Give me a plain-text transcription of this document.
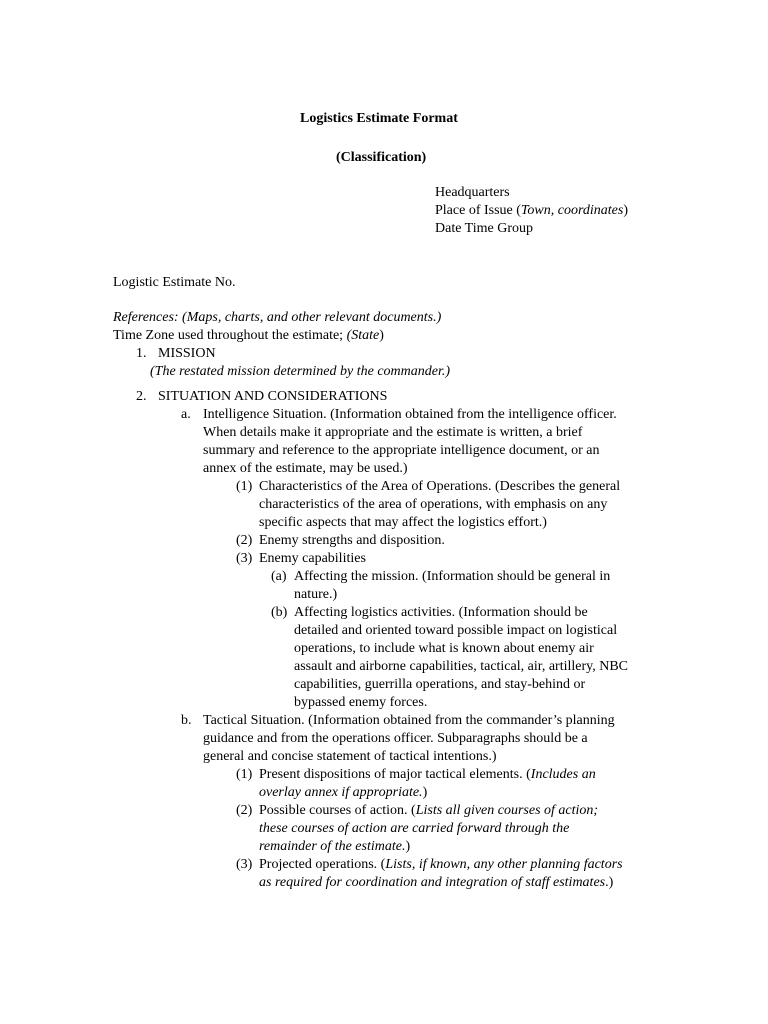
Logistics Estimate Format
(Classification)
Headquarters
Place of Issue (Town, coordinates)
Date Time Group
Logistic Estimate No.
References: (Maps, charts, and other relevant documents.)
Time Zone used throughout the estimate; (State)
1. MISSION
(The restated mission determined by the commander.)
2. SITUATION AND CONSIDERATIONS
a. Intelligence Situation. (Information obtained from the intelligence officer.
When details make it appropriate and the estimate is written, a brief
summary and reference to the appropriate intelligence document, or an
annex of the estimate, may be used.)
(1) Characteristics of the Area of Operations. (Describes the general
characteristics of the area of operations, with emphasis on any
specific aspects that may affect the logistics effort.)
(2) Enemy strengths and disposition.
(3) Enemy capabilities
(a) Affecting the mission. (Information should be general in
nature.)
(b) Affecting logistics activities. (Information should be
detailed and oriented toward possible impact on logistical
operations, to include what is known about enemy air
assault and airborne capabilities, tactical, air, artillery, NBC
capabilities, guerrilla operations, and stay-behind or
bypassed enemy forces.
b. Tactical Situation. (Information obtained from the commander’s planning
guidance and from the operations officer. Subparagraphs should be a
general and concise statement of tactical intentions.)
(1) Present dispositions of major tactical elements. (Includes an
overlay annex if appropriate.)
(2) Possible courses of action. (Lists all given courses of action;
these courses of action are carried forward through the
remainder of the estimate.)
(3) Projected operations. (Lists, if known, any other planning factors
as required for coordination and integration of staff estimates.)
